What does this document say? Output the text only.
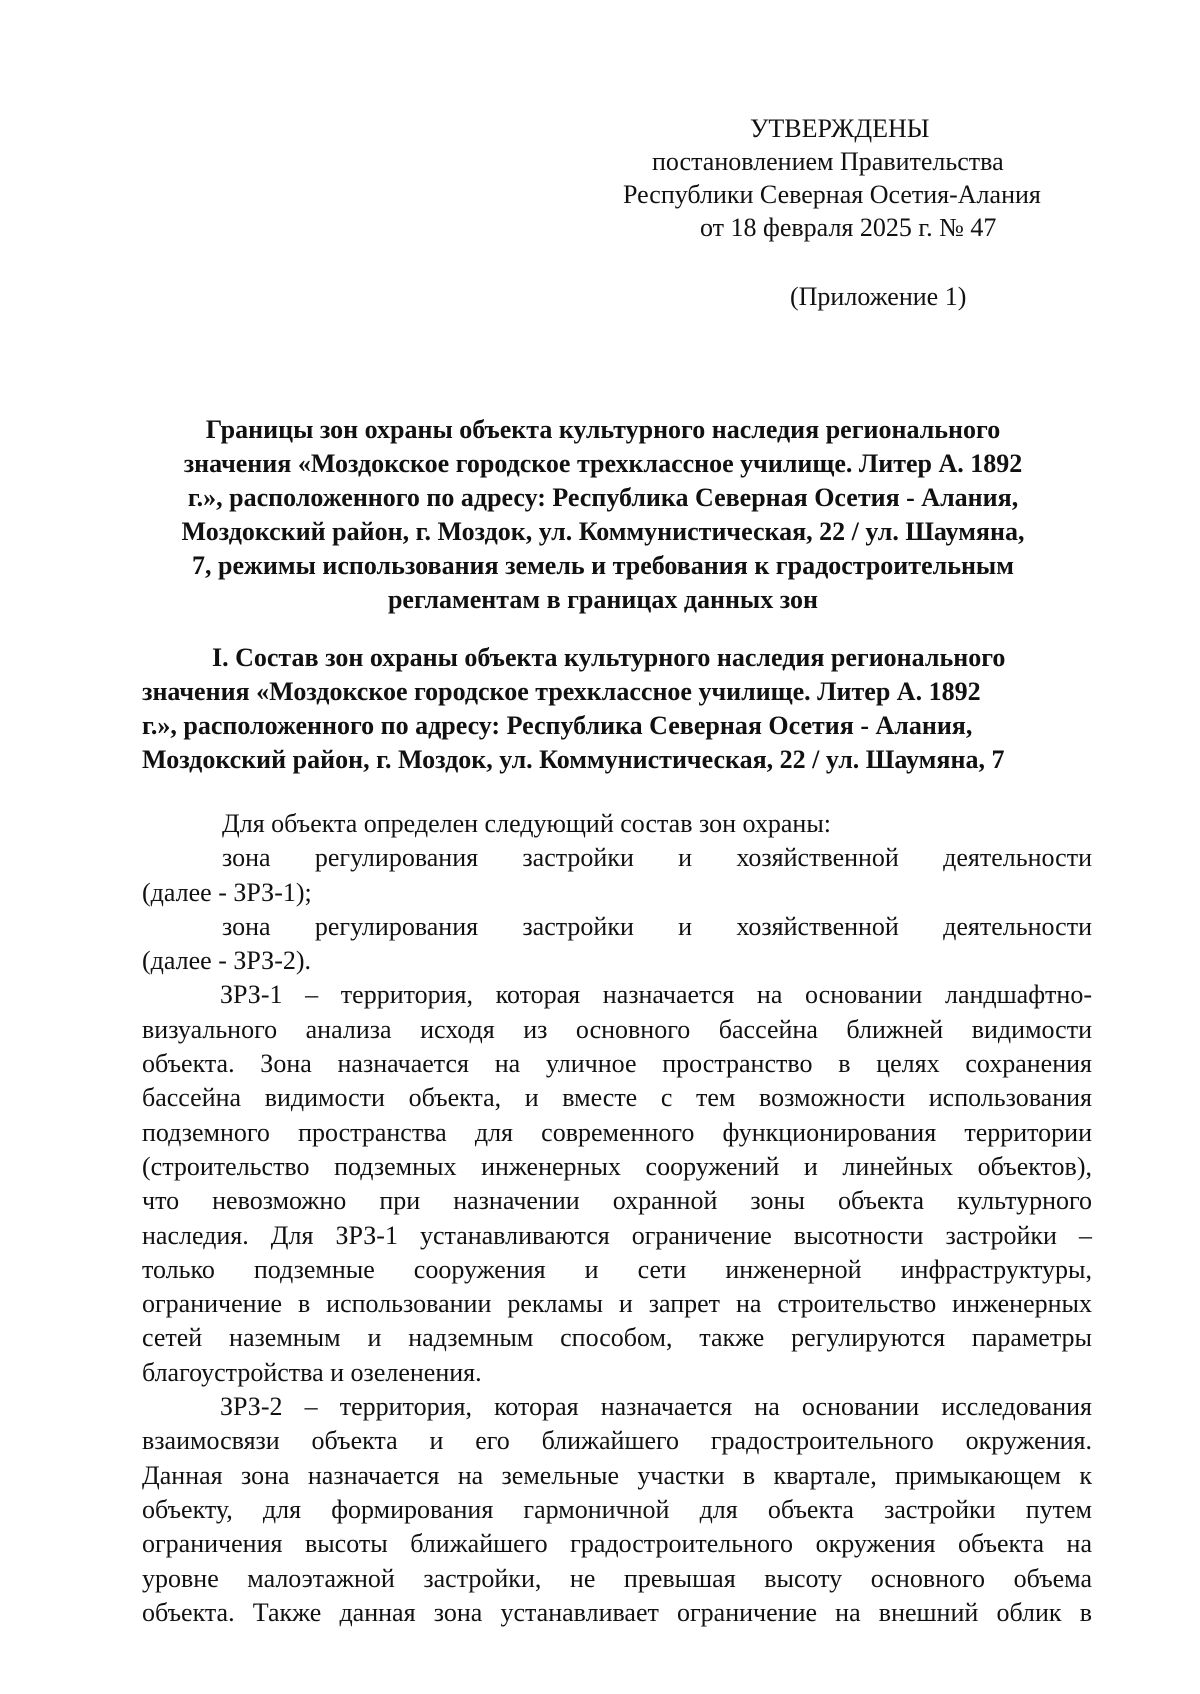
УТВЕРЖДЕНЫ
постановлением Правительства
Республики Северная Осетия-Алания
от 18 февраля 2025 г. № 47
(Приложение 1)
Границы зон охраны объекта культурного наследия регионального
значения «Моздокское городское трехклассное училище. Литер А. 1892
г.», расположенного по адресу: Республика Северная Осетия - Алания,
Моздокский район, г. Моздок, ул. Коммунистическая, 22 / ул. Шаумяна,
7, режимы использования земель и требования к градостроительным
регламентам в границах данных зон
I. Состав зон охраны объекта культурного наследия регионального
значения «Моздокское городское трехклассное училище. Литер А. 1892
г.», расположенного по адресу: Республика Северная Осетия - Алания,
Моздокский район, г. Моздок, ул. Коммунистическая, 22 / ул. Шаумяна, 7
Для объекта определен следующий состав зон охраны:
зона регулирования застройки и хозяйственной деятельности
(далее - ЗРЗ-1);
зона регулирования застройки и хозяйственной деятельности
(далее - ЗРЗ-2).
ЗРЗ-1 – территория, которая назначается на основании ландшафтно-
визуального анализа исходя из основного бассейна ближней видимости
объекта. Зона назначается на уличное пространство в целях сохранения
бассейна видимости объекта, и вместе с тем возможности использования
подземного пространства для современного функционирования территории
(строительство подземных инженерных сооружений и линейных объектов),
что невозможно при назначении охранной зоны объекта культурного
наследия. Для ЗРЗ-1 устанавливаются ограничение высотности застройки –
только подземные сооружения и сети инженерной инфраструктуры,
ограничение в использовании рекламы и запрет на строительство инженерных
сетей наземным и надземным способом, также регулируются параметры
благоустройства и озеленения.
ЗРЗ-2 – территория, которая назначается на основании исследования
взаимосвязи объекта и его ближайшего градостроительного окружения.
Данная зона назначается на земельные участки в квартале, примыкающем к
объекту, для формирования гармоничной для объекта застройки путем
ограничения высоты ближайшего градостроительного окружения объекта на
уровне малоэтажной застройки, не превышая высоту основного объема
объекта. Также данная зона устанавливает ограничение на внешний облик в
